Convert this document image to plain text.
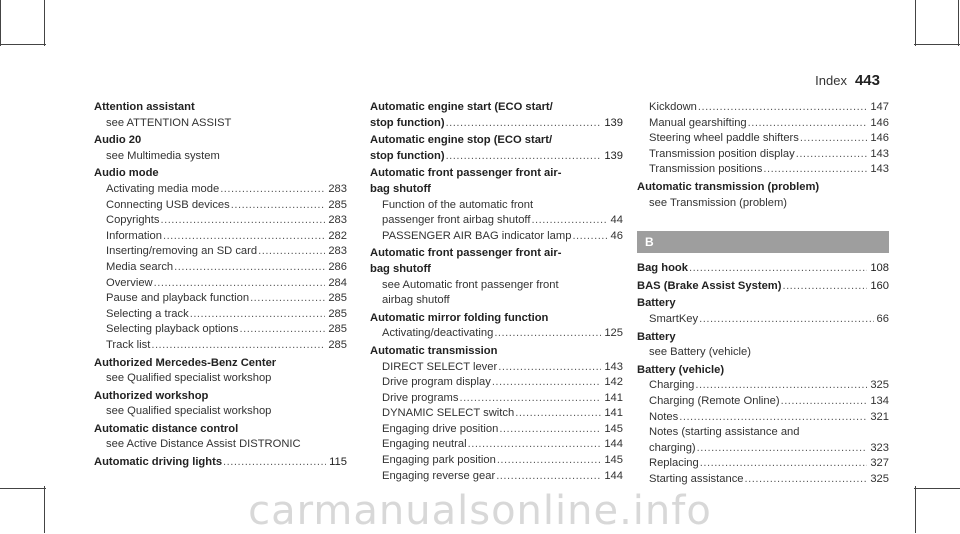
Index 443
Attention assistant
see ATTENTION ASSIST
Audio 20
see Multimedia system
Audio mode
Activating media mode .....	283
Connecting USB devices .....	285
Copyrights .....	283
Information .....	282
Inserting/removing an SD card .....	283
Media search .....	286
Overview .....	284
Pause and playback function .....	285
Selecting a track .....	285
Selecting playback options .....	285
Track list .....	285
Authorized Mercedes-Benz Center
see Qualified specialist workshop
Authorized workshop
see Qualified specialist workshop
Automatic distance control
see Active Distance Assist DISTRONIC
Automatic driving lights .....	115
Automatic engine start (ECO start/
stop function) .....	139
Automatic engine stop (ECO start/
stop function) .....	139
Automatic front passenger front air-
bag shutoff
Function of the automatic front
passenger front airbag shutoff .....	44
PASSENGER AIR BAG indicator lamp .....	46
Automatic front passenger front air-
bag shutoff
see Automatic front passenger front
airbag shutoff
Automatic mirror folding function
Activating/deactivating .....	125
Automatic transmission
DIRECT SELECT lever .....	143
Drive program display .....	142
Drive programs .....	141
DYNAMIC SELECT switch .....	141
Engaging drive position .....	145
Engaging neutral .....	144
Engaging park position .....	145
Engaging reverse gear .....	144
Kickdown .....	147
Manual gearshifting .....	146
Steering wheel paddle shifters .....	146
Transmission position display .....	143
Transmission positions .....	143
Automatic transmission (problem)
see Transmission (problem)
B
Bag hook .....	108
BAS (Brake Assist System) .....	160
Battery
SmartKey .....	66
Battery
see Battery (vehicle)
Battery (vehicle)
Charging .....	325
Charging (Remote Online) .....	134
Notes .....	321
Notes (starting assistance and
charging) .....	323
Replacing .....	327
Starting assistance .....	325
carmanualsonline.info
